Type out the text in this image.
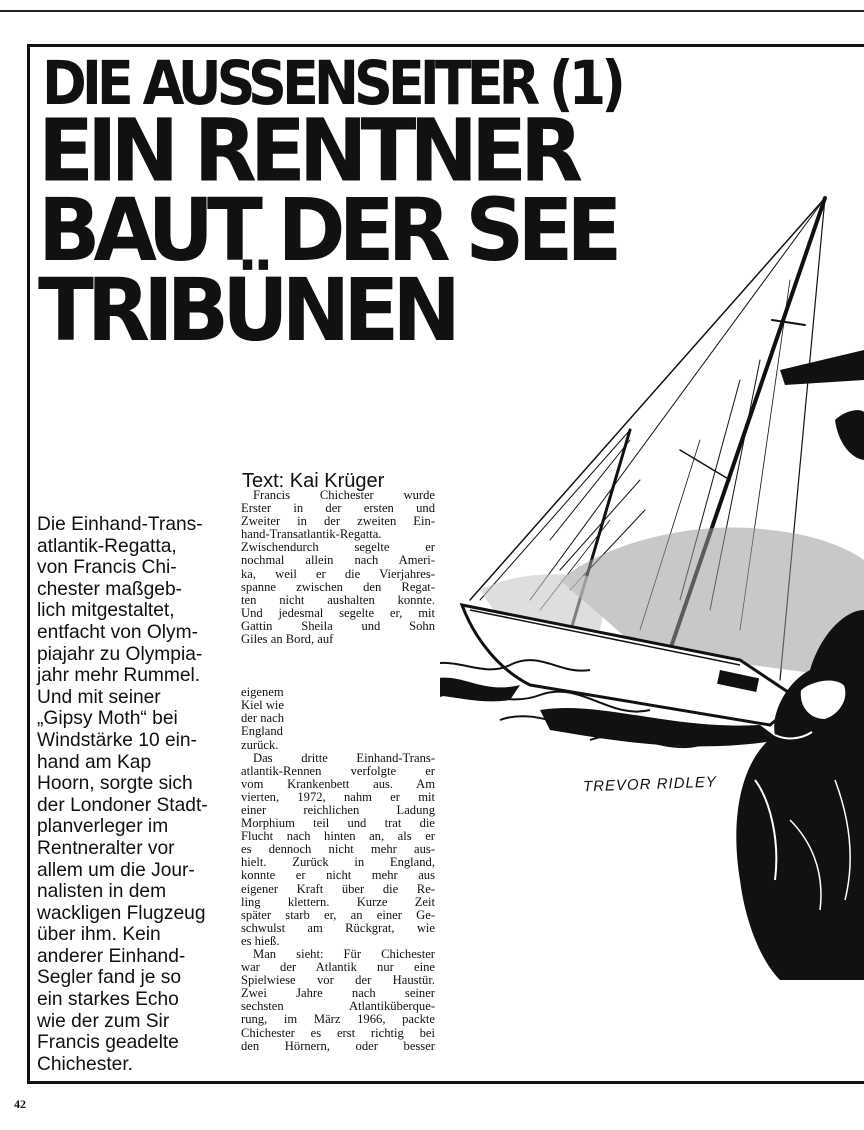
DIE AUSSENSEITER (1)
EIN RENTNER
BAUT DER SEE
TRIBÜNEN
TREVOR RIDLEY
Text: Kai Krüger
Die Einhand-Trans-
atlantik-Regatta,
von Francis Chi-
chester maßgeb-
lich mitgestaltet,
entfacht von Olym-
piajahr zu Olympia-
jahr mehr Rummel.
Und mit seiner
„Gipsy Moth“ bei
Windstärke 10 ein-
hand am Kap
Hoorn, sorgte sich
der Londoner Stadt-
planverleger im
Rentneralter vor
allem um die Jour-
nalisten in dem
wackligen Flugzeug
über ihm. Kein
anderer Einhand-
Segler fand je so
ein starkes Echo
wie der zum Sir
Francis geadelte
Chichester.
Francis Chichester wurde
Erster in der ersten und
Zweiter in der zweiten Ein-
hand-Transatlantik-Regatta.
Zwischendurch segelte er
nochmal allein nach Ameri-
ka, weil er die Vierjahres-
spanne zwischen den Regat-
ten nicht aushalten konnte.
Und jedesmal segelte er, mit
Gattin Sheila und Sohn
Giles an Bord, auf
eigenem
Kiel wie
der nach
England
zurück.
Das dritte Einhand-Trans-
atlantik-Rennen verfolgte er
vom Krankenbett aus. Am
vierten, 1972, nahm er mit
einer reichlichen Ladung
Morphium teil und trat die
Flucht nach hinten an, als er
es dennoch nicht mehr aus-
hielt. Zurück in England,
konnte er nicht mehr aus
eigener Kraft über die Re-
ling klettern. Kurze Zeit
später starb er, an einer Ge-
schwulst am Rückgrat, wie
es hieß.
Man sieht: Für Chichester
war der Atlantik nur eine
Spielwiese vor der Haustür.
Zwei Jahre nach seiner
sechsten Atlantiküberque-
rung, im März 1966, packte
Chichester es erst richtig bei
den Hörnern, oder besser
42
